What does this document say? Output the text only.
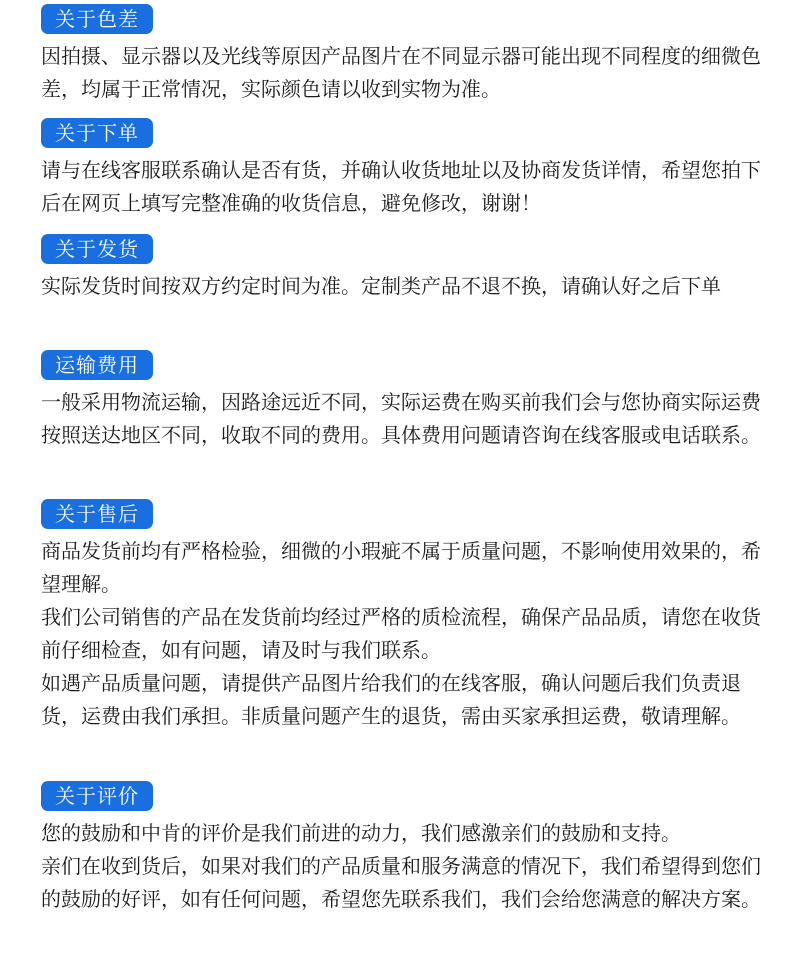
关于色差

因拍摄、显示器以及光线等原因产品图片在不同显示器可能出现不同程度的细微色差，均属于正常情况，实际颜色请以收到实物为准。

关于下单

请与在线客服联系确认是否有货，并确认收货地址以及协商发货详情，希望您拍下后在网页上填写完整准确的收货信息，避免修改，谢谢！

关于发货

实际发货时间按双方约定时间为准。定制类产品不退不换，请确认好之后下单

运输费用

一般采用物流运输，因路途远近不同，实际运费在购买前我们会与您协商实际运费按照送达地区不同，收取不同的费用。具体费用问题请咨询在线客服或电话联系。

关于售后

商品发货前均有严格检验，细微的小瑕疵不属于质量问题，不影响使用效果的，希望理解。

我们公司销售的产品在发货前均经过严格的质检流程，确保产品品质，请您在收货前仔细检查，如有问题，请及时与我们联系。

如遇产品质量问题，请提供产品图片给我们的在线客服，确认问题后我们负责退货，运费由我们承担。非质量问题产生的退货，需由买家承担运费，敬请理解。

关于评价

您的鼓励和中肯的评价是我们前进的动力，我们感激亲们的鼓励和支持。

亲们在收到货后，如果对我们的产品质量和服务满意的情况下，我们希望得到您们的鼓励的好评，如有任何问题，希望您先联系我们，我们会给您满意的解决方案。
